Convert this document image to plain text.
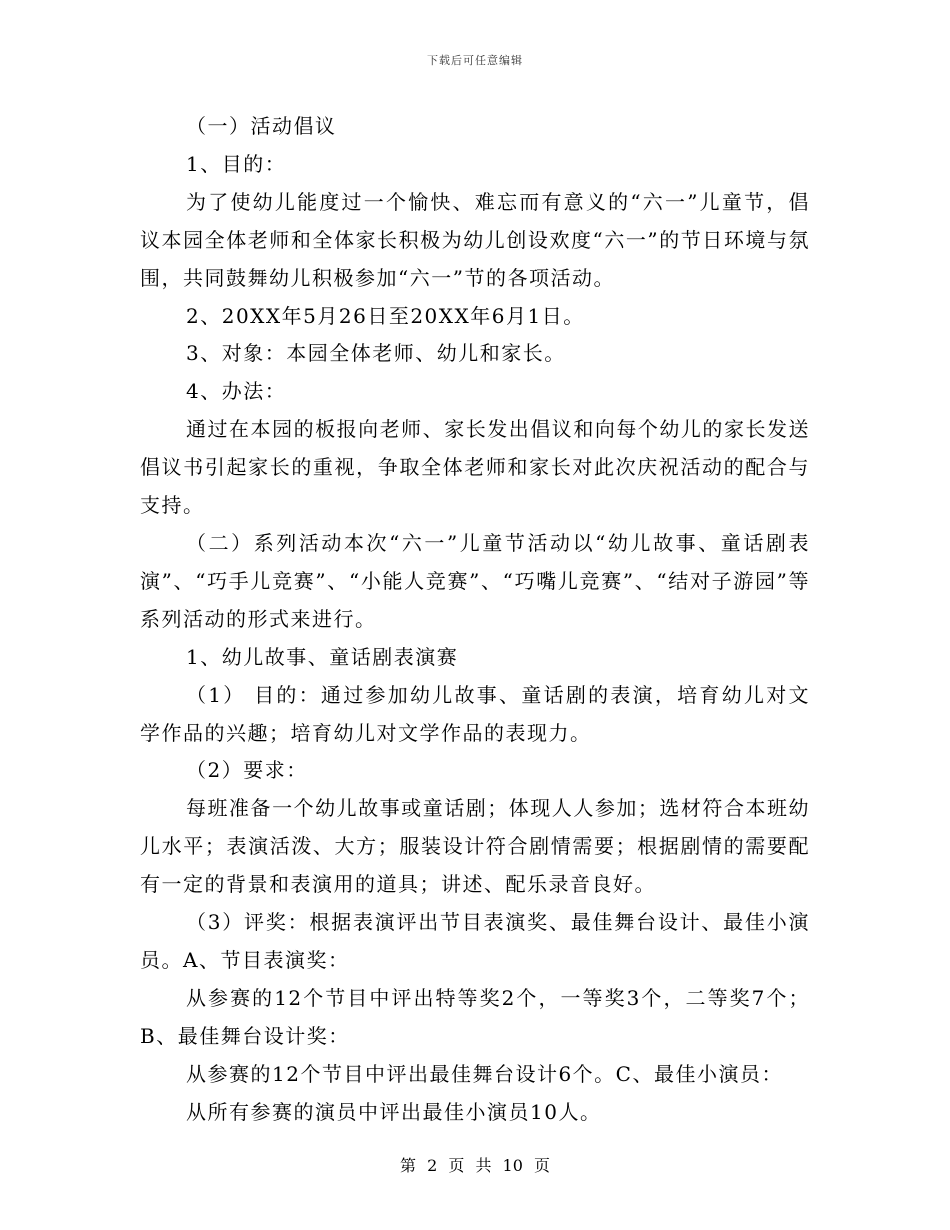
下载后可任意编辑

（一）活动倡议

1、目的：

为了使幼儿能度过一个愉快、难忘而有意义的“六一”儿童节，倡议本园全体老师和全体家长积极为幼儿创设欢度“六一”的节日环境与氛围，共同鼓舞幼儿积极参加“六一”节的各项活动。

2、20XX年5月26日至20XX年6月1日。

3、对象：本园全体老师、幼儿和家长。

4、办法：

通过在本园的板报向老师、家长发出倡议和向每个幼儿的家长发送倡议书引起家长的重视，争取全体老师和家长对此次庆祝活动的配合与支持。

（二）系列活动本次“六一”儿童节活动以“幼儿故事、童话剧表演”、“巧手儿竞赛”、“小能人竞赛”、“巧嘴儿竞赛”、“结对子游园”等系列活动的形式来进行。

1、幼儿故事、童话剧表演赛

（1） 目的：通过参加幼儿故事、童话剧的表演，培育幼儿对文学作品的兴趣；培育幼儿对文学作品的表现力。

（2）要求：

每班准备一个幼儿故事或童话剧；体现人人参加；选材符合本班幼儿水平；表演活泼、大方；服装设计符合剧情需要；根据剧情的需要配有一定的背景和表演用的道具；讲述、配乐录音良好。

（3）评奖：根据表演评出节目表演奖、最佳舞台设计、最佳小演员。A、节目表演奖：

从参赛的12个节目中评出特等奖2个，一等奖3个，二等奖7个；B、最佳舞台设计奖：

从参赛的12个节目中评出最佳舞台设计6个。C、最佳小演员：

从所有参赛的演员中评出最佳小演员10人。

第 2 页 共 10 页
